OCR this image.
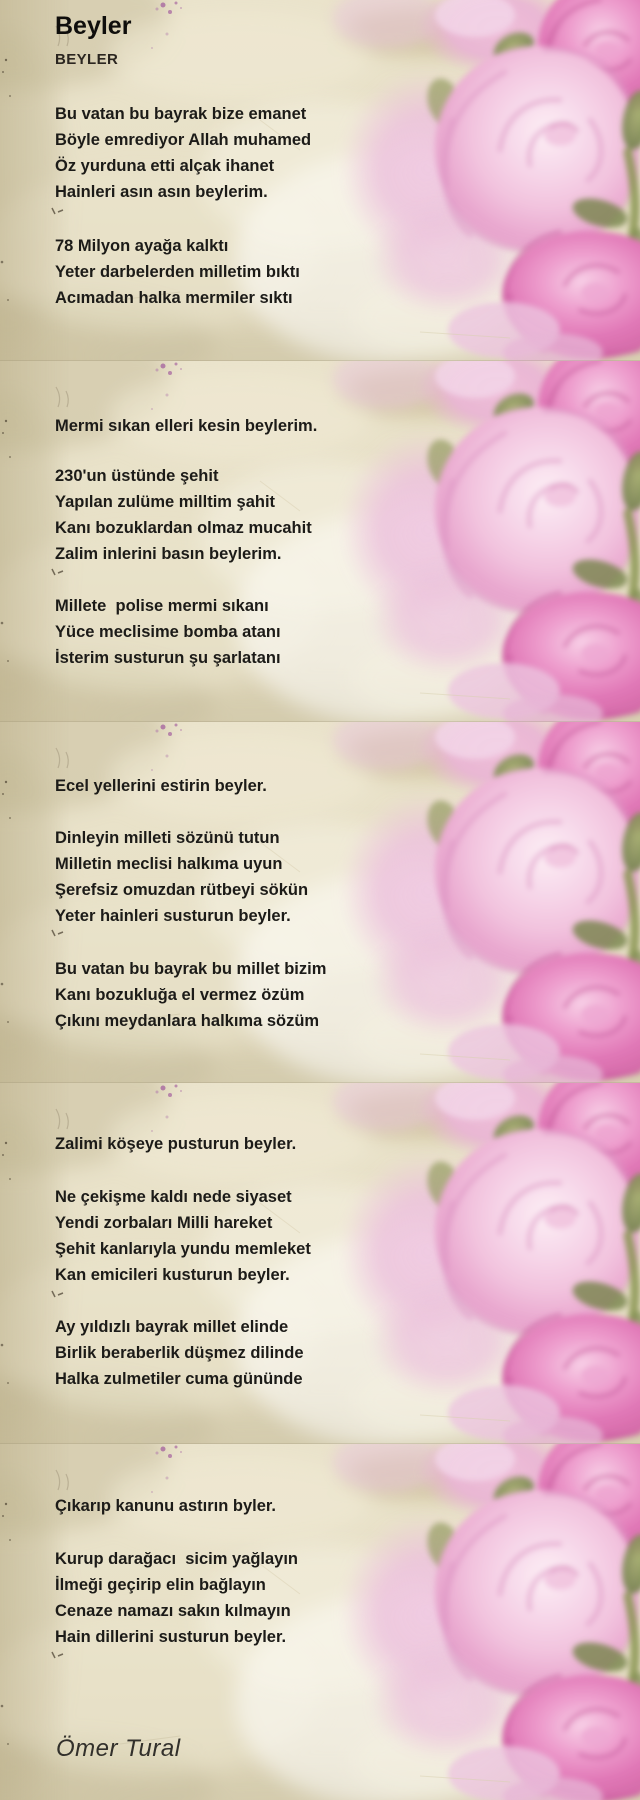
Beyler
BEYLER

Bu vatan bu bayrak bize emanet

Böyle emrediyor Allah muhamed

Öz yurduna etti alçak ihanet

Hainleri asın asın beylerim.

78 Milyon ayağa kalktı

Yeter darbelerden milletim bıktı

Acımadan halka mermiler sıktı

Mermi sıkan elleri kesin beylerim.

230'un üstünde şehit

Yapılan zulüme milltim şahit

Kanı bozuklardan olmaz mucahit

Zalim inlerini basın beylerim.

Millete  polise mermi sıkanı

Yüce meclisime bomba atanı

İsterim susturun şu şarlatanı

Ecel yellerini estirin beyler.

Dinleyin milleti sözünü tutun

Milletin meclisi halkıma uyun

Şerefsiz omuzdan rütbeyi sökün

Yeter hainleri susturun beyler.

Bu vatan bu bayrak bu millet bizim

Kanı bozukluğa el vermez özüm

Çıkını meydanlara halkıma sözüm

Zalimi köşeye pusturun beyler.

Ne çekişme kaldı nede siyaset

Yendi zorbaları Milli hareket

Şehit kanlarıyla yundu memleket

Kan emicileri kusturun beyler.

Ay yıldızlı bayrak millet elinde

Birlik beraberlik düşmez dilinde

Halka zulmetiler cuma gününde

Çıkarıp kanunu astırın byler.

Kurup darağacı  sicim yağlayın

İlmeği geçirip elin bağlayın

Cenaze namazı sakın kılmayın

Hain dillerini susturun beyler.

Ömer Tural
